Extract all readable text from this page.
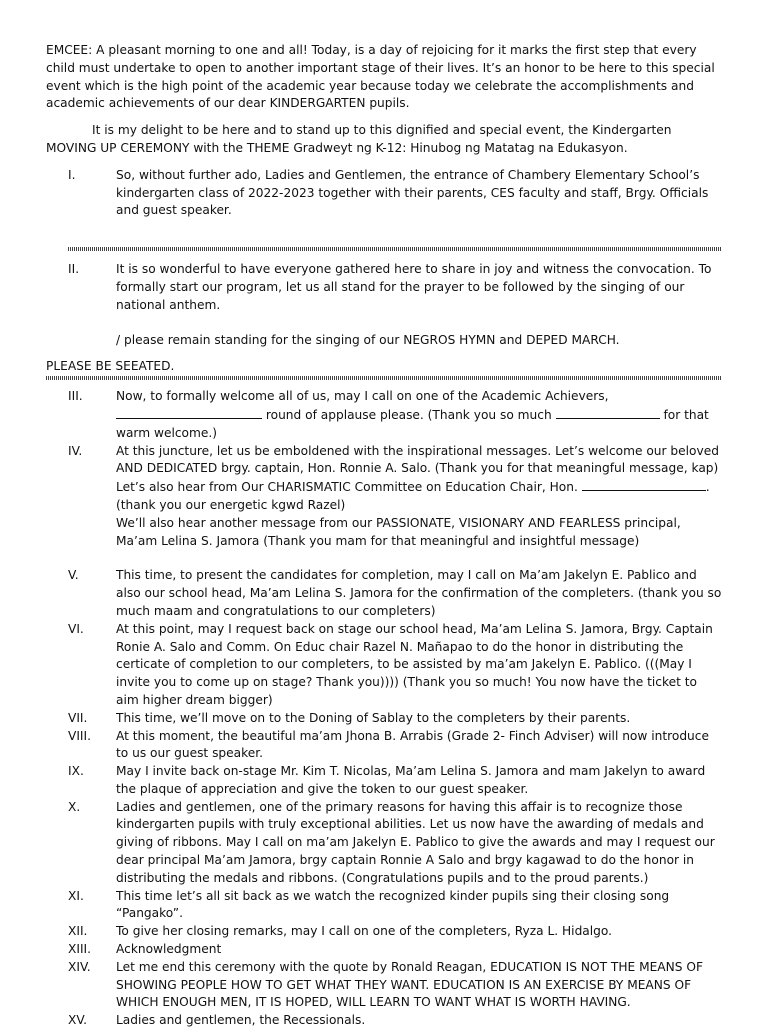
EMCEE: A pleasant morning to one and all! Today, is a day of rejoicing for it marks the first step that every child must undertake to open to another important stage of their lives. It’s an honor to be here to this special event which is the high point of the academic year because today we celebrate the accomplishments and academic achievements of our dear KINDERGARTEN pupils.

It is my delight to be here and to stand up to this dignified and special event, the Kindergarten MOVING UP CEREMONY with the THEME Gradweyt ng K-12: Hinubog ng Matatag na Edukasyon.

I.	So, without further ado, Ladies and Gentlemen, the entrance of Chambery Elementary School’s kindergarten class of 2022-2023 together with their parents, CES faculty and staff, Brgy. Officials and guest speaker.
II.	It is so wonderful to have everyone gathered here to share in joy and witness the convocation. To formally start our program, let us all stand for the prayer to be followed by the singing of our national anthem.
/ please remain standing for the singing of our NEGROS HYMN and DEPED MARCH.

PLEASE BE SEEATED.

III.	Now, to formally welcome all of us, may I call on one of the Academic Achievers,  round of applause please. (Thank you so much	for that warm welcome.)
IV.	At this juncture, let us be emboldened with the inspirational messages. Let’s welcome our beloved AND DEDICATED brgy. captain, Hon. Ronnie A. Salo. (Thank you for that meaningful message, kap)
Let’s also hear from Our CHARISMATIC Committee on Education Chair, Hon.	. (thank you our energetic kgwd Razel)
We’ll also hear another message from our PASSIONATE, VISIONARY AND FEARLESS principal, Ma’am Lelina S. Jamora (Thank you mam for that meaningful and insightful message)
V.	This time, to present the candidates for completion, may I call on Ma’am Jakelyn E. Pablico and also our school head, Ma’am Lelina S. Jamora for the confirmation of the completers. (thank you so much maam and congratulations to our completers)
VI.	At this point, may I request back on stage our school head, Ma’am Lelina S. Jamora, Brgy. Captain Ronie A. Salo and Comm. On Educ chair Razel N. Mañapao to do the honor in distributing the certicate of completion to our completers, to be assisted by ma’am Jakelyn E. Pablico. (((May I invite you to come up on stage? Thank you)))) (Thank you so much! You now have the ticket to aim higher dream bigger)
VII.	This time, we’ll move on to the Doning of Sablay to the completers by their parents.
VIII.	At this moment, the beautiful ma’am Jhona B. Arrabis (Grade 2- Finch Adviser) will now introduce to us our guest speaker.
IX.	May I invite back on-stage Mr. Kim T. Nicolas, Ma’am Lelina S. Jamora and mam Jakelyn to award the plaque of appreciation and give the token to our guest speaker.
X.	Ladies and gentlemen, one of the primary reasons for having this affair is to recognize those kindergarten pupils with truly exceptional abilities. Let us now have the awarding of medals and giving of ribbons. May I call on ma’am Jakelyn E. Pablico to give the awards and may I request our dear principal Ma’am Jamora, brgy captain Ronnie A Salo and brgy kagawad to do the honor in distributing the medals and ribbons. (Congratulations pupils and to the proud parents.)
XI.	This time let’s all sit back as we watch the recognized kinder pupils sing their closing song “Pangako”.
XII.	To give her closing remarks, may I call on one of the completers, Ryza L. Hidalgo.
XIII.	Acknowledgment
XIV.	Let me end this ceremony with the quote by Ronald Reagan, EDUCATION IS NOT THE MEANS OF SHOWING PEOPLE HOW TO GET WHAT THEY WANT. EDUCATION IS AN EXERCISE BY MEANS OF WHICH ENOUGH MEN, IT IS HOPED, WILL LEARN TO WANT WHAT IS WORTH HAVING.
XV.	Ladies and gentlemen, the Recessionals.
